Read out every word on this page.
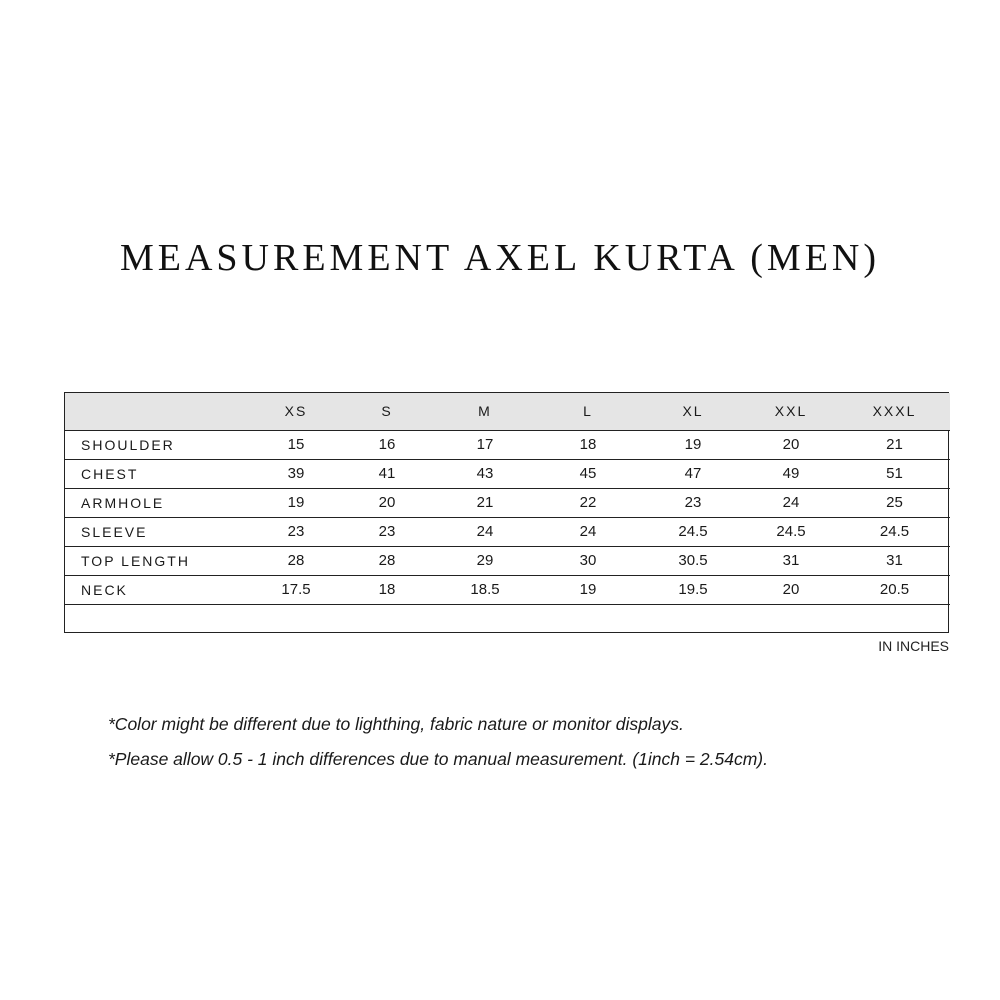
MEASUREMENT AXEL KURTA (MEN)
	XS	S	M	L	XL	XXL	XXXL
SHOULDER	15	16	17	18	19	20	21
CHEST	39	41	43	45	47	49	51
ARMHOLE	19	20	21	22	23	24	25
SLEEVE	23	23	24	24	24.5	24.5	24.5
TOP LENGTH	28	28	29	30	30.5	31	31
NECK	17.5	18	18.5	19	19.5	20	20.5

IN INCHES

*Color might be different due to lighthing, fabric nature or monitor displays.

*Please allow 0.5 - 1 inch differences due to manual measurement. (1inch = 2.54cm).
